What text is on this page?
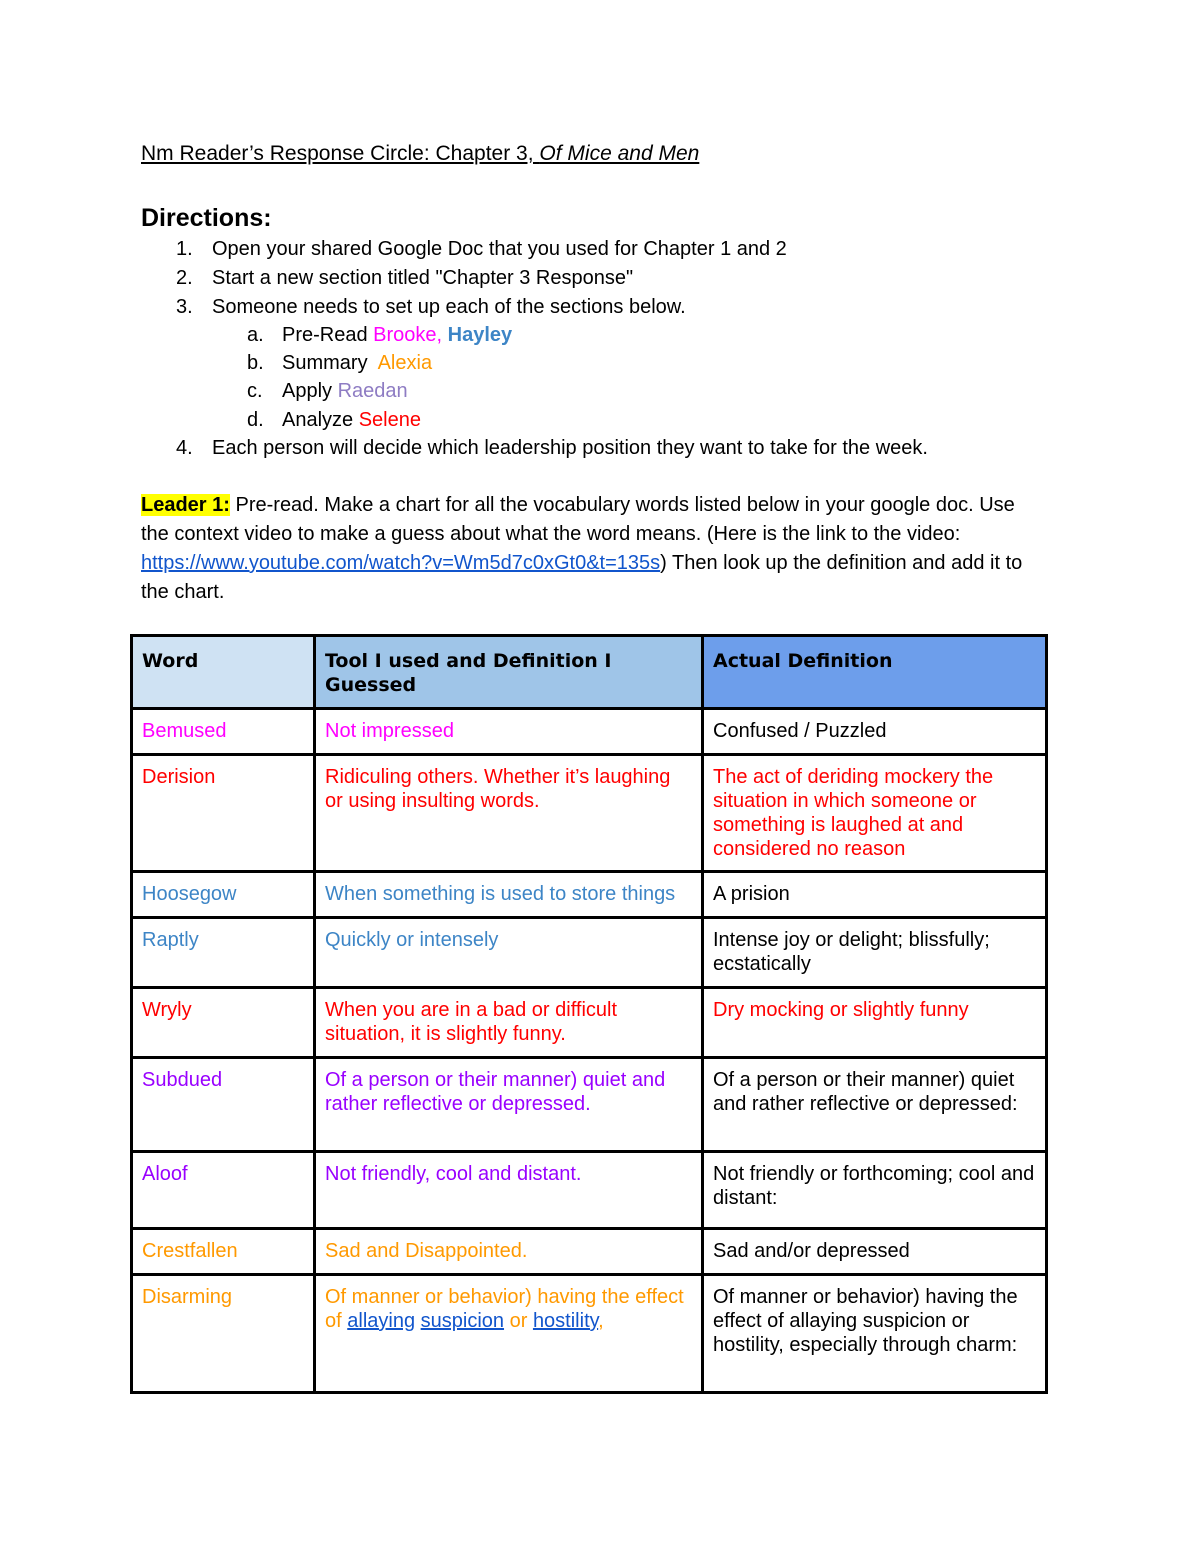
Nm Reader’s Response Circle: Chapter 3, Of Mice and Men
Directions:
1. Open your shared Google Doc that you used for Chapter 1 and 2
2. Start a new section titled "Chapter 3 Response"
3. Someone needs to set up each of the sections below.
a. Pre-Read Brooke, Hayley
b. Summary Alexia
c. Apply Raedan
d. Analyze Selene
4. Each person will decide which leadership position they want to take for the week.
Leader 1: Pre-read. Make a chart for all the vocabulary words listed below in your google doc. Use the context video to make a guess about what the word means. (Here is the link to the video: https://www.youtube.com/watch?v=Wm5d7c0xGt0&t=135s) Then look up the definition and add it to the chart.
Word	Tool I used and Definition I Guessed	Actual Definition
Bemused	Not impressed	Confused / Puzzled
Derision	Ridiculing others. Whether it’s laughing or using insulting words.	The act of deriding mockery the situation in which someone or something is laughed at and considered no reason
Hoosegow	When something is used to store things	A prision
Raptly	Quickly or intensely	Intense joy or delight; blissfully; ecstatically
Wryly	When you are in a bad or difficult situation, it is slightly funny.	Dry mocking or slightly funny
Subdued	Of a person or their manner) quiet and rather reflective or depressed.	Of a person or their manner) quiet and rather reflective or depressed:
Aloof	Not friendly, cool and distant.	Not friendly or forthcoming; cool and distant:
Crestfallen	Sad and Disappointed.	Sad and/or depressed
Disarming	Of manner or behavior) having the effect of allaying suspicion or hostility,	Of manner or behavior) having the effect of allaying suspicion or hostility, especially through charm:
